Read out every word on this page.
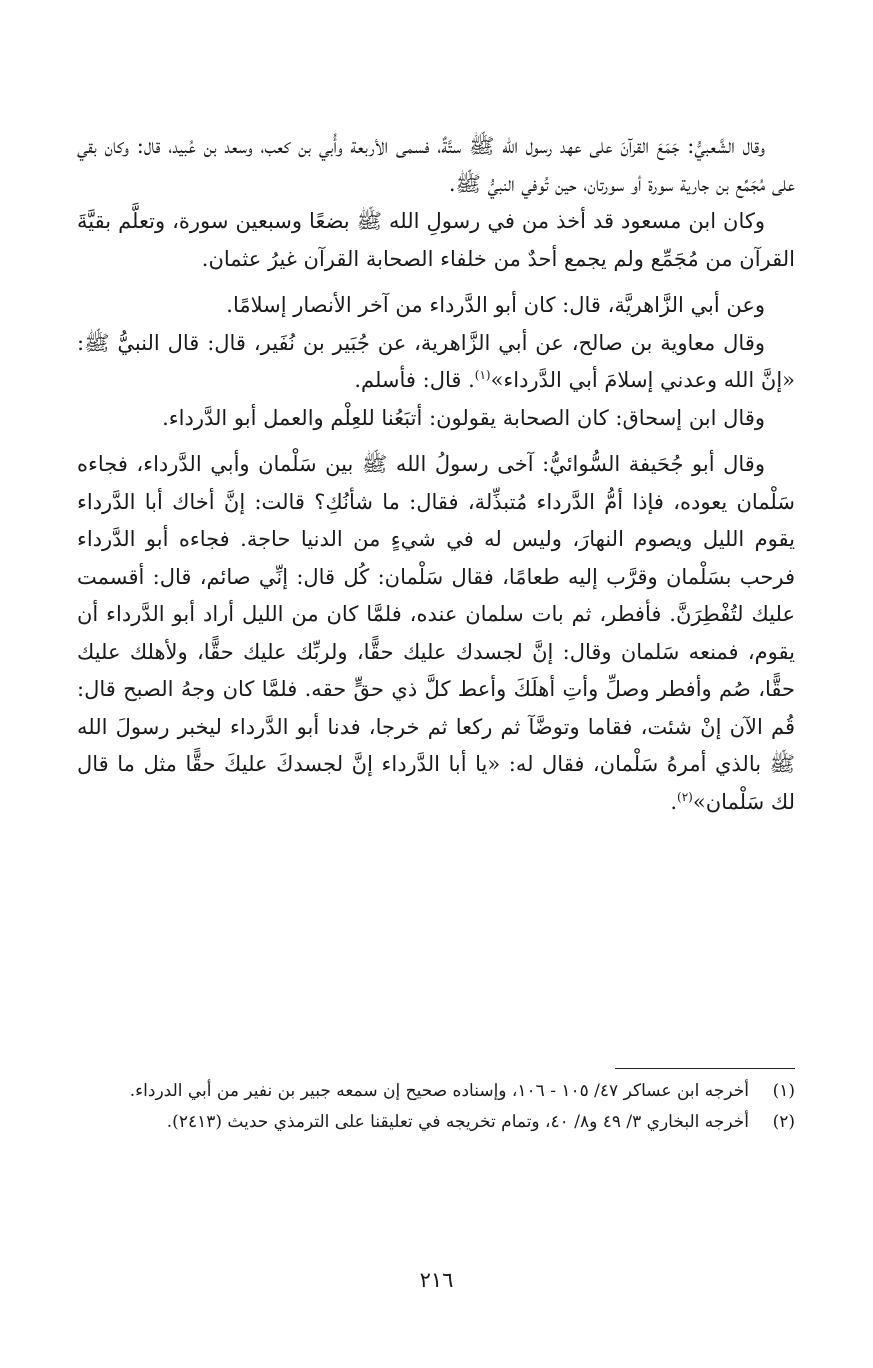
وقال الشَّعبيُّ: جَمَعَ القرآنَ على عهد رسول الله ﷺ ستَّةٌ، فسمى الأربعة وأُبي بن كعب، وسعد بن عُبيد، قال: وكان بقي على مُجَمِّع بن جارية سورة أو سورتان، حين تُوفي النبيُّ ﷺ.

وكان ابن مسعود قد أخذ من في رسولِ الله ﷺ بضعًا وسبعين سورة، وتعلَّم بقيَّةَ القرآن من مُجَمِّع ولم يجمع أحدٌ من خلفاء الصحابة القرآن غيرُ عثمان.

وعن أبي الزَّاهريَّة، قال: كان أبو الدَّرداء من آخر الأنصار إسلامًا.

وقال معاوية بن صالح، عن أبي الزَّاهرية، عن جُبَير بن نُفَير، قال: قال النبيُّ ﷺ: «إنَّ الله وعدني إسلامَ أبي الدَّرداء»$^{(١)}$. قال: فأسلم.

وقال ابن إسحاق: كان الصحابة يقولون: أتبَعُنا للعِلْم والعمل أبو الدَّرداء.

وقال أبو جُحَيفة السُّوائيُّ: آخى رسولُ الله ﷺ بين سَلْمان وأبي الدَّرداء، فجاءه سَلْمان يعوده، فإذا أمُّ الدَّرداء مُتبذِّلة، فقال: ما شأنُكِ؟ قالت: إنَّ أخاك أبا الدَّرداء يقوم الليل ويصوم النهارَ، وليس له في شيءٍ من الدنيا حاجة. فجاءه أبو الدَّرداء فرحب بسَلْمان وقرَّب إليه طعامًا، فقال سَلْمان: كُل قال: إنِّي صائم، قال: أقسمت عليك لتُفْطِرَنَّ. فأفطر، ثم بات سلمان عنده، فلمَّا كان من الليل أراد أبو الدَّرداء أن يقوم، فمنعه سَلمان وقال: إنَّ لجسدك عليك حقًّا، ولربِّك عليك حقًّا، ولأهلك عليك حقًّا، صُم وأفطر وصلِّ وأتِ أهلَكَ وأعط كلَّ ذي حقٍّ حقه. فلمَّا كان وجهُ الصبح قال: قُم الآن إنْ شئت، فقاما وتوضَّآ ثم ركعا ثم خرجا، فدنا أبو الدَّرداء ليخبر رسولَ الله ﷺ بالذي أمرهُ سَلْمان، فقال له: «يا أبا الدَّرداء إنَّ لجسدكَ عليكَ حقًّا مثل ما قال لك سَلْمان»$^{(٢)}$.

(١)
أخرجه ابن عساكر ٤٧/ ١٠٥ - ١٠٦، وإسناده صحيح إن سمعه جبير بن نفير من أبي الدرداء.
(٢)
أخرجه البخاري ٣/ ٤٩ و٨/ ٤٠، وتمام تخريجه في تعليقنا على الترمذي حديث (٢٤١٣).
٢١٦
